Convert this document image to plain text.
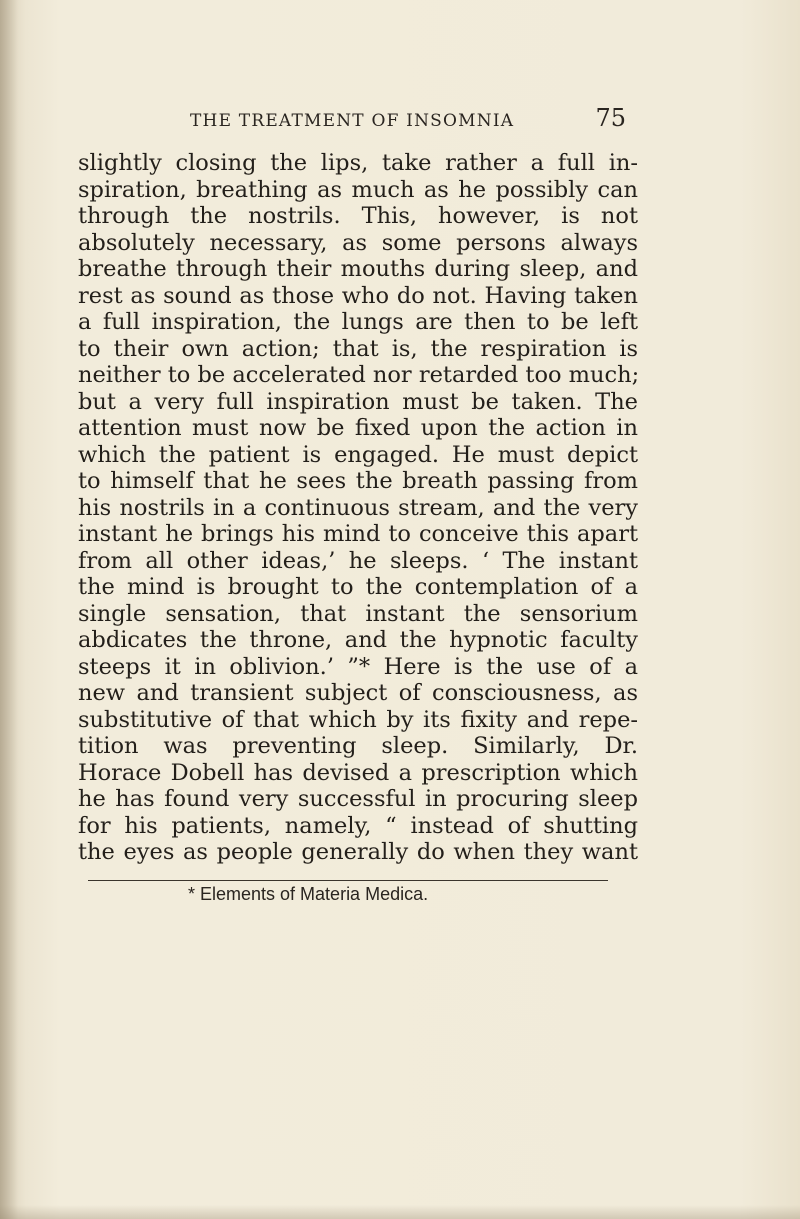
THE TREATMENT OF INSOMNIA	75
slightly closing the lips, take rather a full in-
spiration, breathing as much as he possibly can
through the nostrils. This, however, is not
absolutely necessary, as some persons always
breathe through their mouths during sleep, and
rest as sound as those who do not. Having taken
a full inspiration, the lungs are then to be left
to their own action; that is, the respiration is
neither to be accelerated nor retarded too much;
but a very full inspiration must be taken. The
attention must now be fixed upon the action in
which the patient is engaged. He must depict
to himself that he sees the breath passing from
his nostrils in a continuous stream, and the very
instant he brings his mind to conceive this apart
from all other ideas,’ he sleeps. ‘ The instant
the mind is brought to the contemplation of a
single sensation, that instant the sensorium
abdicates the throne, and the hypnotic faculty
steeps it in oblivion.’ ”* Here is the use of a
new and transient subject of consciousness, as
substitutive of that which by its fixity and repe-
tition was preventing sleep. Similarly, Dr.
Horace Dobell has devised a prescription which
he has found very successful in procuring sleep
for his patients, namely, “ instead of shutting
the eyes as people generally do when they want
* Elements of Materia Medica.
